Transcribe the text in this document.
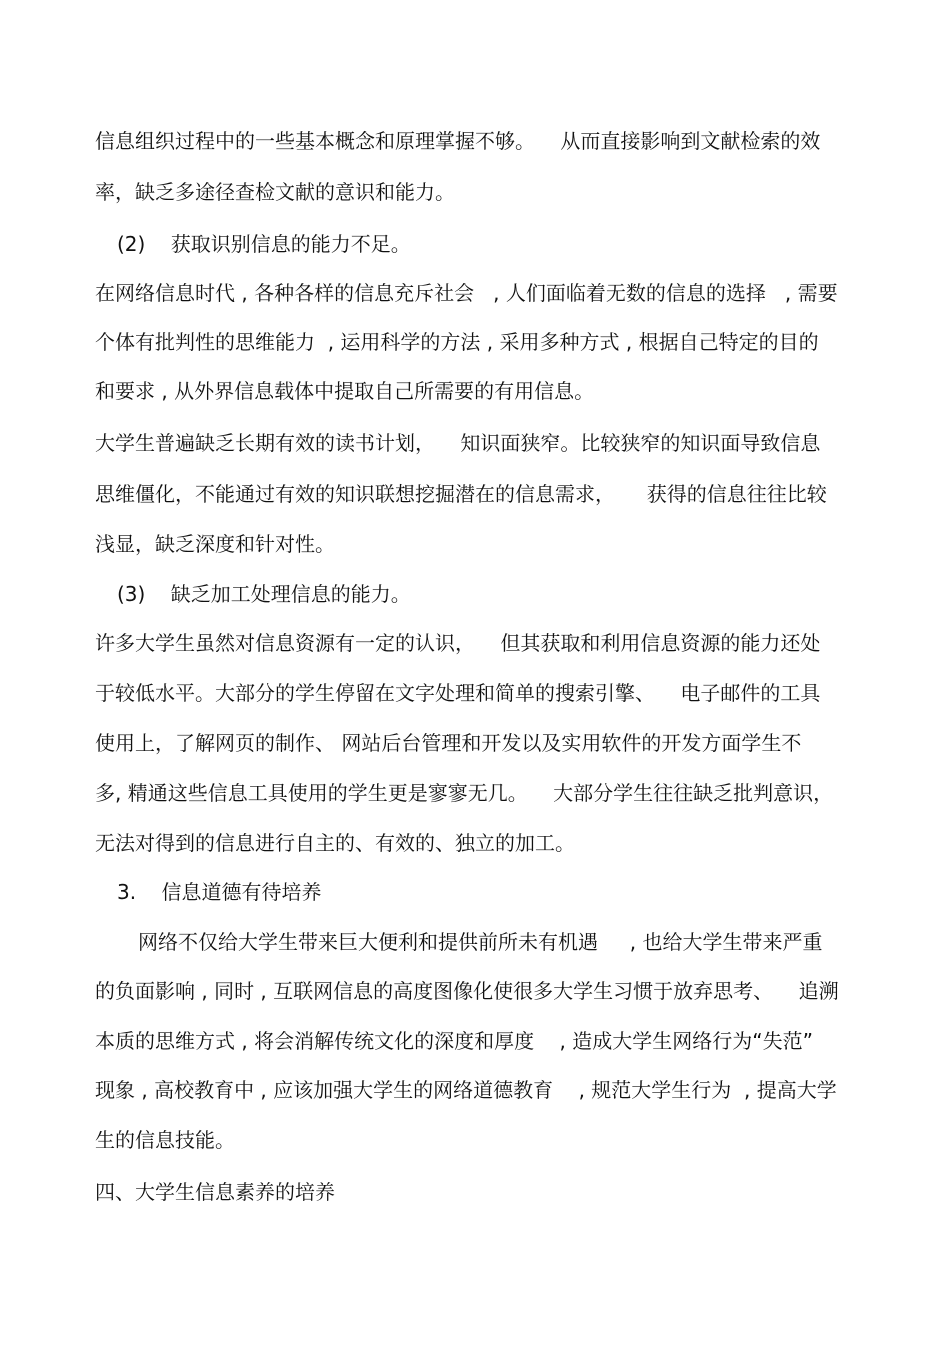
信息组织过程中的一些基本概念和原理掌握不够。    从而直接影响到文献检索的效
率，缺乏多途径查检文献的意识和能力。
(2)    获取识别信息的能力不足。
在网络信息时代 , 各种各样的信息充斥社会   , 人们面临着无数的信息的选择   , 需要
个体有批判性的思维能力  , 运用科学的方法 , 采用多种方式 , 根据自己特定的目的
和要求 , 从外界信息载体中提取自己所需要的有用信息。
大学生普遍缺乏长期有效的读书计划，    知识面狭窄。比较狭窄的知识面导致信息
思维僵化，不能通过有效的知识联想挖掘潜在的信息需求，     获得的信息往往比较
浅显，缺乏深度和针对性。
(3)    缺乏加工处理信息的能力。
许多大学生虽然对信息资源有一定的认识，    但其获取和利用信息资源的能力还处
于较低水平。大部分的学生停留在文字处理和简单的搜索引擎、    电子邮件的工具
使用上，了解网页的制作、 网站后台管理和开发以及实用软件的开发方面学生不
多, 精通这些信息工具使用的学生更是寥寥无几。    大部分学生往往缺乏批判意识，
无法对得到的信息进行自主的、有效的、独立的加工。
3.    信息道德有待培养
网络不仅给大学生带来巨大便利和提供前所未有机遇     , 也给大学生带来严重
的负面影响 , 同时 , 互联网信息的高度图像化使很多大学生习惯于放弃思考、    追溯
本质的思维方式 , 将会消解传统文化的深度和厚度    , 造成大学生网络行为“失范”
现象 , 高校教育中 , 应该加强大学生的网络道德教育    , 规范大学生行为  , 提高大学
生的信息技能。
四、大学生信息素养的培养
